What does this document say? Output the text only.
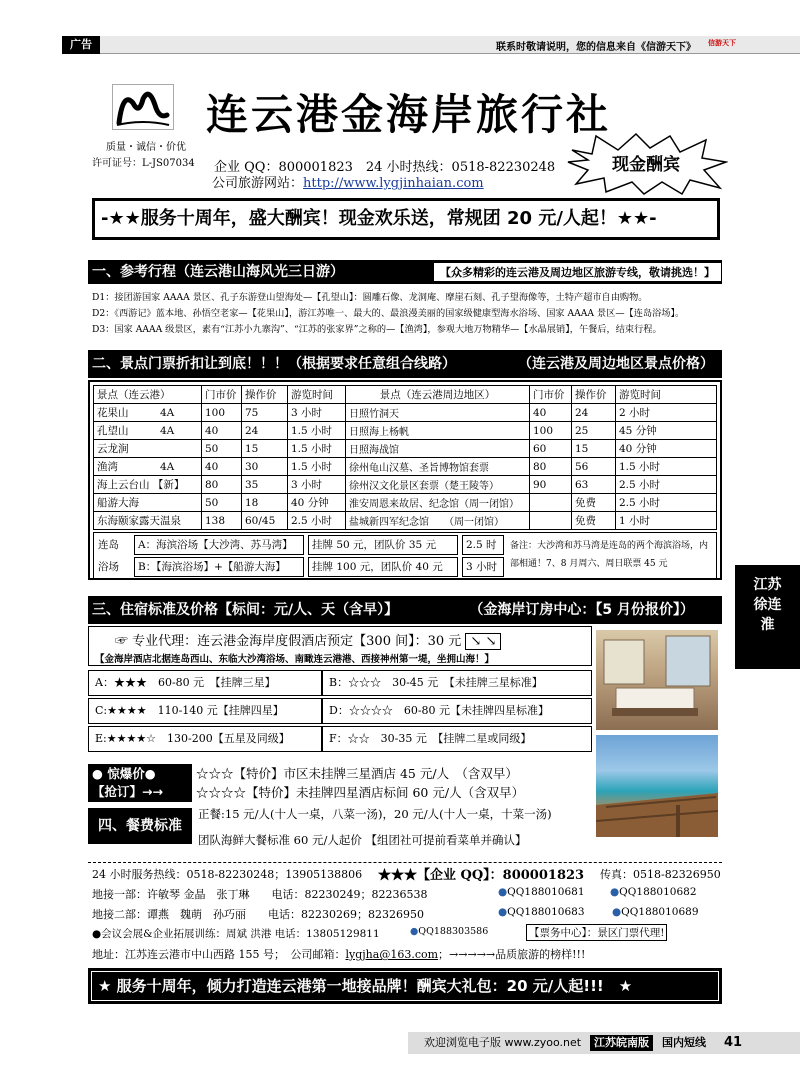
广告	联系时敬请说明，您的信息来自《信游天下》 信游天下
连云港金海岸旅行社
质量・诚信・价优
许可证号：L-JS07034 企业 QQ：800001823　24 小时热线：0518-82230248
公司旅游网站：http://www.lygjinhaian.com
现金酬宾
-★★服务十周年，盛大酬宾！现金欢乐送，常规团 20 元/人起！★★-
一、参考行程（连云港山海风光三日游）	【众多精彩的连云港及周边地区旅游专线，敬请挑选！】
D1：接团游国家 AAAA 景区、孔子东游登山望海处—【孔望山】：圆雕石像、龙洞庵、摩崖石刻、孔子望海像等，土特产超市自由购物。
D2：《西游记》蓝本地、孙悟空老家—【花果山】，游江苏唯一、最大的、最浪漫美丽的国家级健康型海水浴场、国家 AAAA 景区—【连岛浴场】。
D3：国家 AAAA 级景区，素有“江苏小九寨沟”、“江苏的张家界”之称的—【渔湾】，参观大地万物精华—【水晶展销】，午餐后，结束行程。
二、景点门票折扣让到底！！！（根据要求任意组合线路）	（连云港及周边地区景点价格）
景点（连云港）	门市价	操作价	游览时间	景点（连云港周边地区）	门市价	操作价	游览时间
花果山　　　4A	100	75	3 小时	日照竹洞天	40	24	2 小时
孔望山　　　4A	40	24	1.5 小时	日照海上杨帆	100	25	45 分钟
云龙涧	50	15	1.5 小时	日照海战馆	60	15	40 分钟
渔湾　　　　4A	40	30	1.5 小时	徐州龟山汉墓、圣旨博物馆套票	80	56	1.5 小时
海上云台山 【新】	80	35	3 小时	徐州汉文化景区套票（楚王陵等）	90	63	2.5 小时
船游大海	50	18	40 分钟	淮安周恩来故居、纪念馆（周一闭馆）		免费	2.5 小时
东海颐家露天温泉	138	60/45	2.5 小时	盐城新四军纪念馆　　（周一闭馆）		免费	1 小时
连岛
浴场
A：海滨浴场【大沙湾、苏马湾】	挂牌 50 元，团队价 35 元	2.5 时
B：【海滨浴场】+【船游大海】	挂牌 100 元，团队价 40 元	3 小时
备注：大沙湾和苏马湾是连岛的两个海滨浴场，内部相通！7、8 月周六、周日联票 45 元
江苏
徐连
淮
三、住宿标准及价格【标间：元/人、天（含早）】	（金海岸订房中心：【5 月份报价】）
☞ 专业代理：连云港金海岸度假酒店预定【300 间】：30 元 ↘ ↘
【金海岸酒店北据连岛西山、东临大沙湾浴场、南瞰连云港港、西接神州第一堤，坐拥山海！】
A：★★★　60-80 元　【挂牌三星】	B：☆☆☆　30-45 元　【未挂牌三星标准】
C:★★★★　110-140 元【挂牌四星】	D：☆☆☆☆　60-80 元【未挂牌四星标准】
E:★★★★☆　130-200【五星及同级】	F：☆☆　30-35 元　【挂牌二星或同级】
● 惊爆价●
【抢订】→→
☆☆☆【特价】市区未挂牌三星酒店 45 元/人　（含双早）
☆☆☆☆【特价】未挂牌四星酒店标间 60 元/人（含双早）
四、餐费标准
正餐:15 元/人(十人一桌，八菜一汤)，20 元/人(十人一桌，十菜一汤)
团队海鲜大餐标准 60 元/人起价 【组团社可提前看菜单并确认】
24 小时服务热线：0518-82230248；13905138806 ★★★【企业 QQ】：800001823 传真：0518-82326950
地接一部：许敏琴 金晶　张丁琳　　电话：82230249；82236538	●QQ188010681 ●QQ188010682
地接二部：谭燕　魏萌　孙巧丽　　电话：82230269；82326950	●QQ188010683	●QQ188010689
●会议会展&企业拓展训练：周斌 洪港 电话：13805129811	●QQ188303586	【票务中心】：景区门票代理!
地址：江苏连云港市中山西路 155 号；　公司邮箱：lygjha@163.com；→→→→→品质旅游的榜样!!!
★ 服务十周年，倾力打造连云港第一地接品牌！酬宾大礼包：20 元/人起!!!　★
欢迎浏览电子版 www.zyoo.net	江苏皖南版	国内短线 41
